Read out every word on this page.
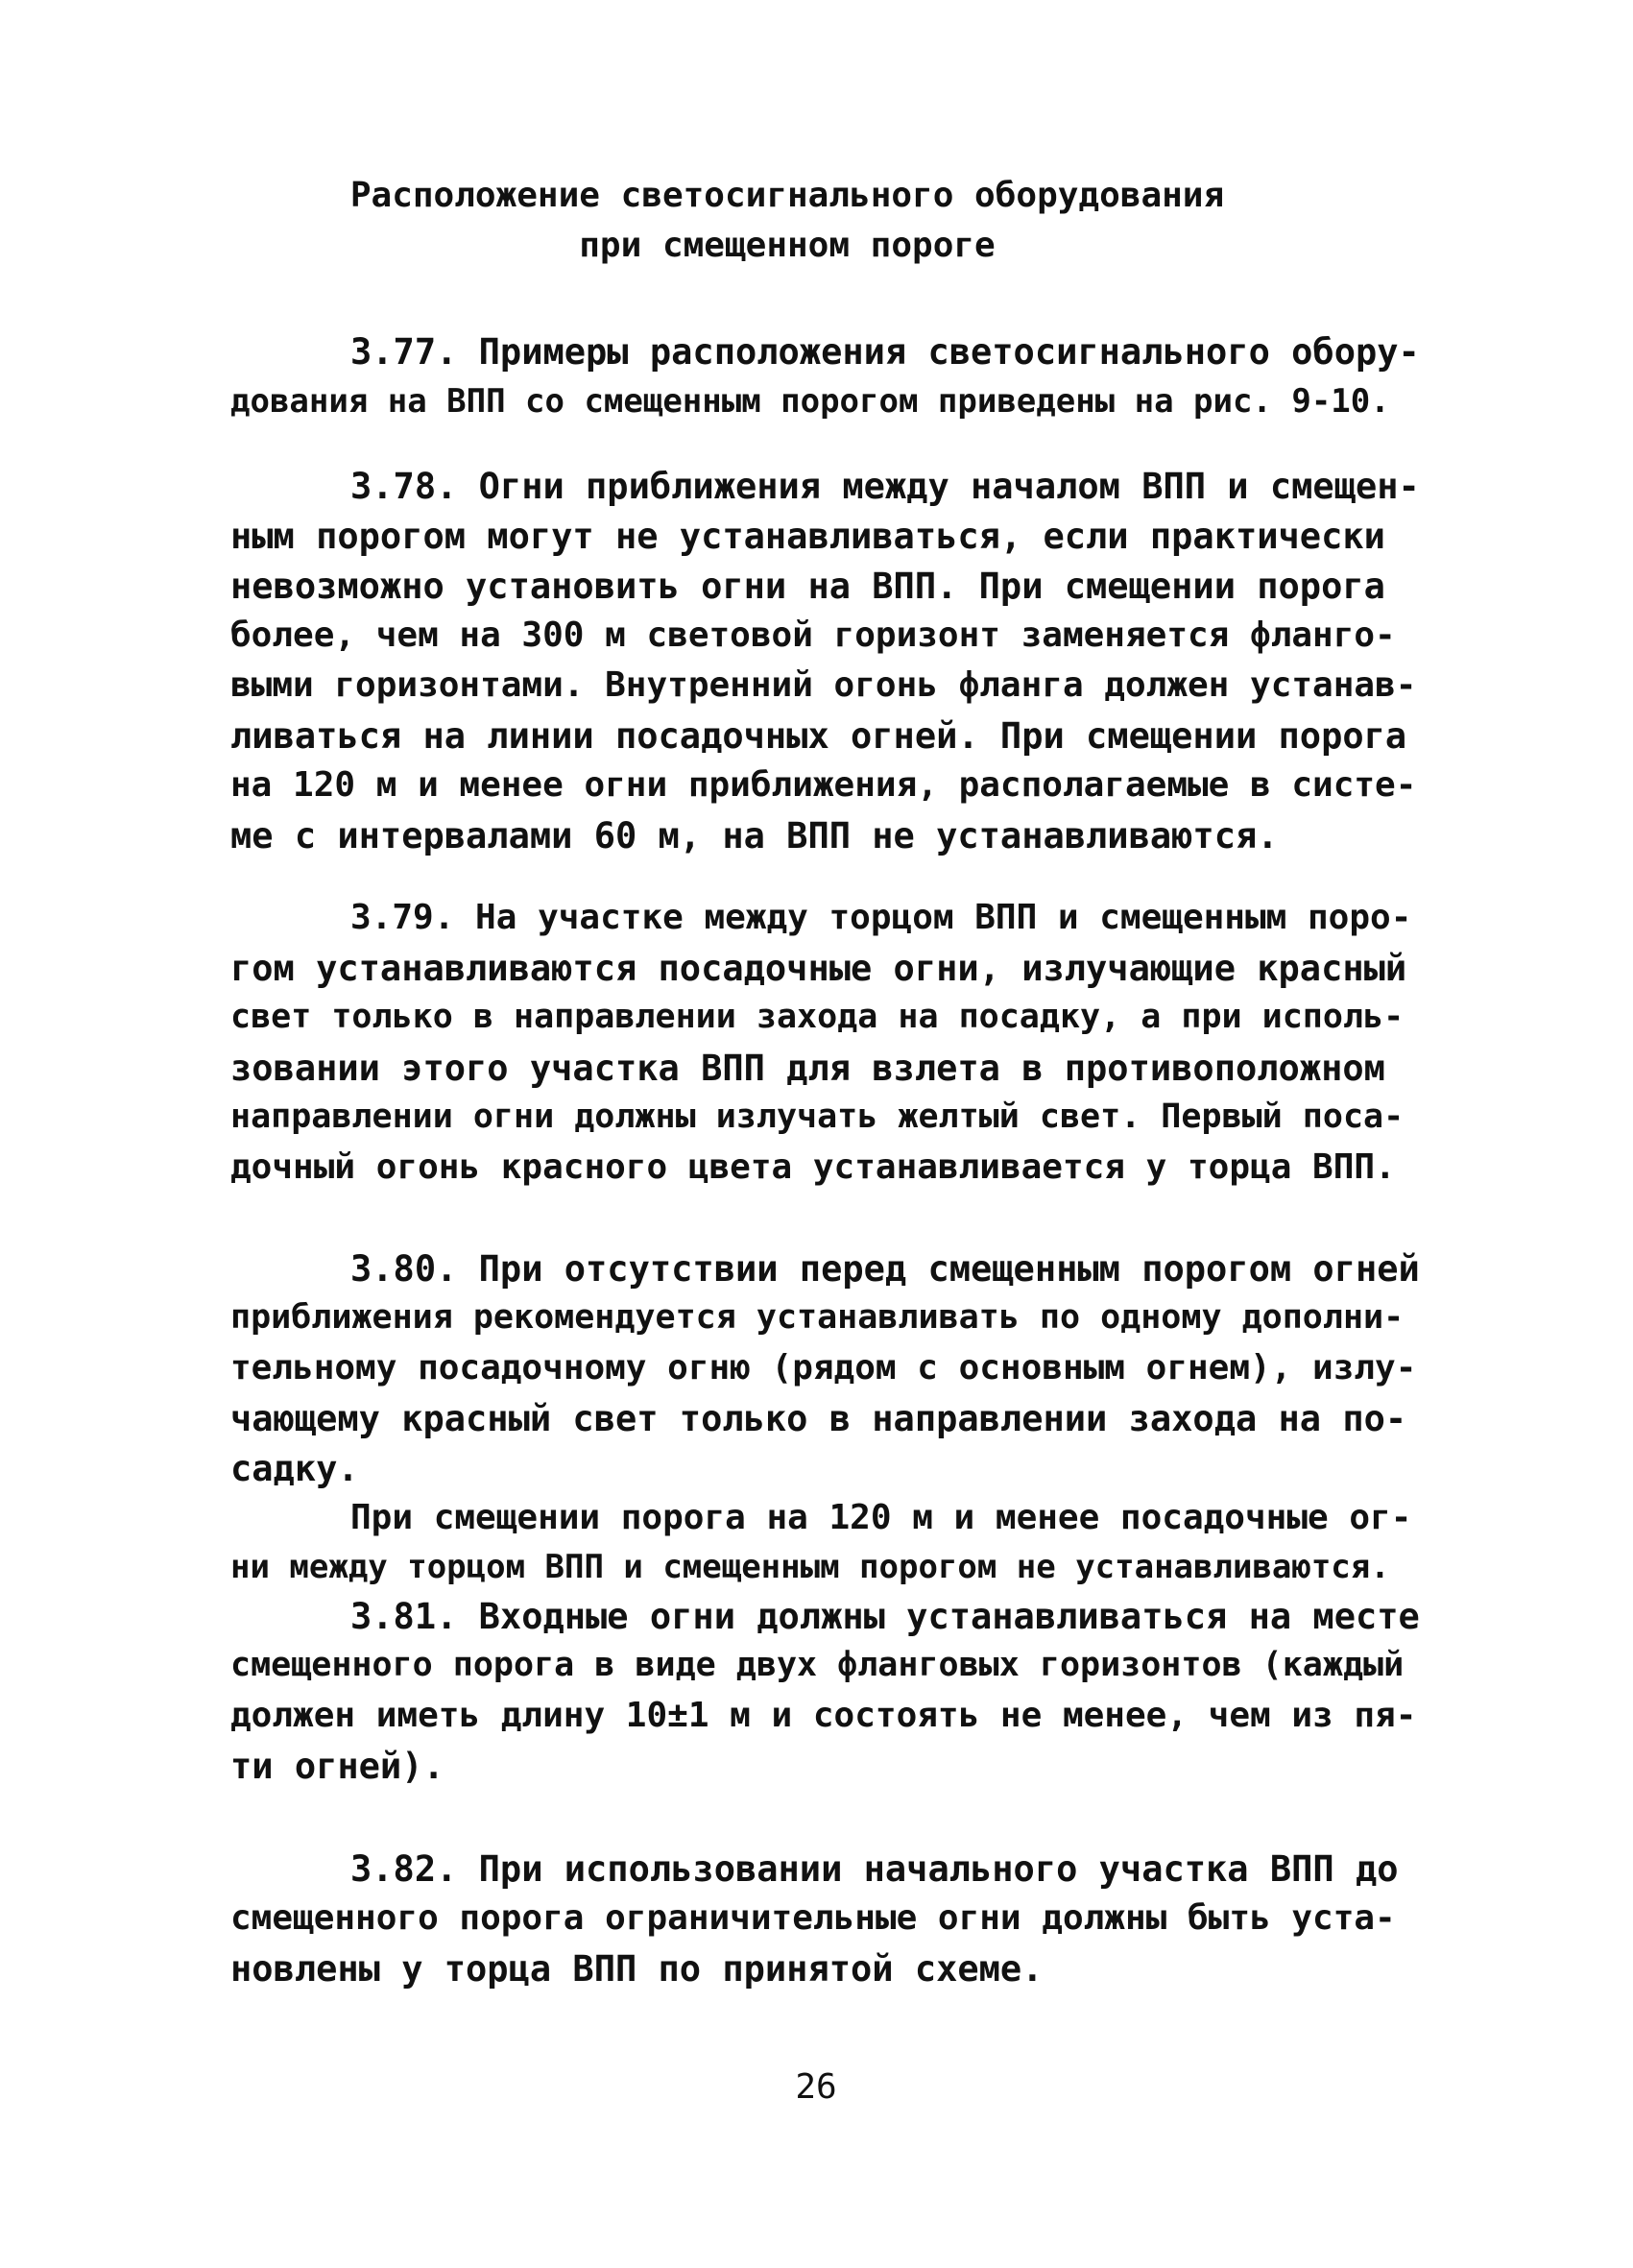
Расположение светосигнального оборудования
при смещенном пороге
3.77. Примеры расположения светосигнального обору-
дования на ВПП со смещенным порогом приведены на рис. 9-10.
3.78. Огни приближения между началом ВПП и смещен-
ным порогом могут не устанавливаться, если практически
невозможно установить огни на ВПП. При смещении порога
более, чем на 300 м световой горизонт заменяется флангo-
выми горизонтами. Внутренний огонь фланга должен устанав-
ливаться на линии посадочных огней. При смещении порога
на 120 м и менее огни приближения, располагаемые в систе-
ме с интервалами 60 м, на ВПП не устанавливаются.
3.79. На участке между торцом ВПП и смещенным поро-
гом устанавливаются посадочные огни, излучающие красный
свет только в направлении захода на посадку, а при исполь-
зовании этого участка ВПП для взлета в противоположном
направлении огни должны излучать желтый свет. Первый поса-
дочный огонь красного цвета устанавливается у торца ВПП.
3.80. При отсутствии перед смещенным порогом огней
приближения рекомендуется устанавливать по одному дополни-
тельному посадочному огню (рядом с основным огнем), излу-
чающему красный свет только в направлении захода на по-
садку.
При смещении порога на 120 м и менее посадочные ог-
ни между торцом ВПП и смещенным порогом не устанавливаются.
3.81. Входные огни должны устанавливаться на месте
смещенного порога в виде двух фланговых горизонтов (каждый
должен иметь длину 10±1 м и состоять не менее, чем из пя-
ти огней).
3.82. При использовании начального участка ВПП до
смещенного порога ограничительные огни должны быть уста-
новлены у торца ВПП по принятой схеме.
26
